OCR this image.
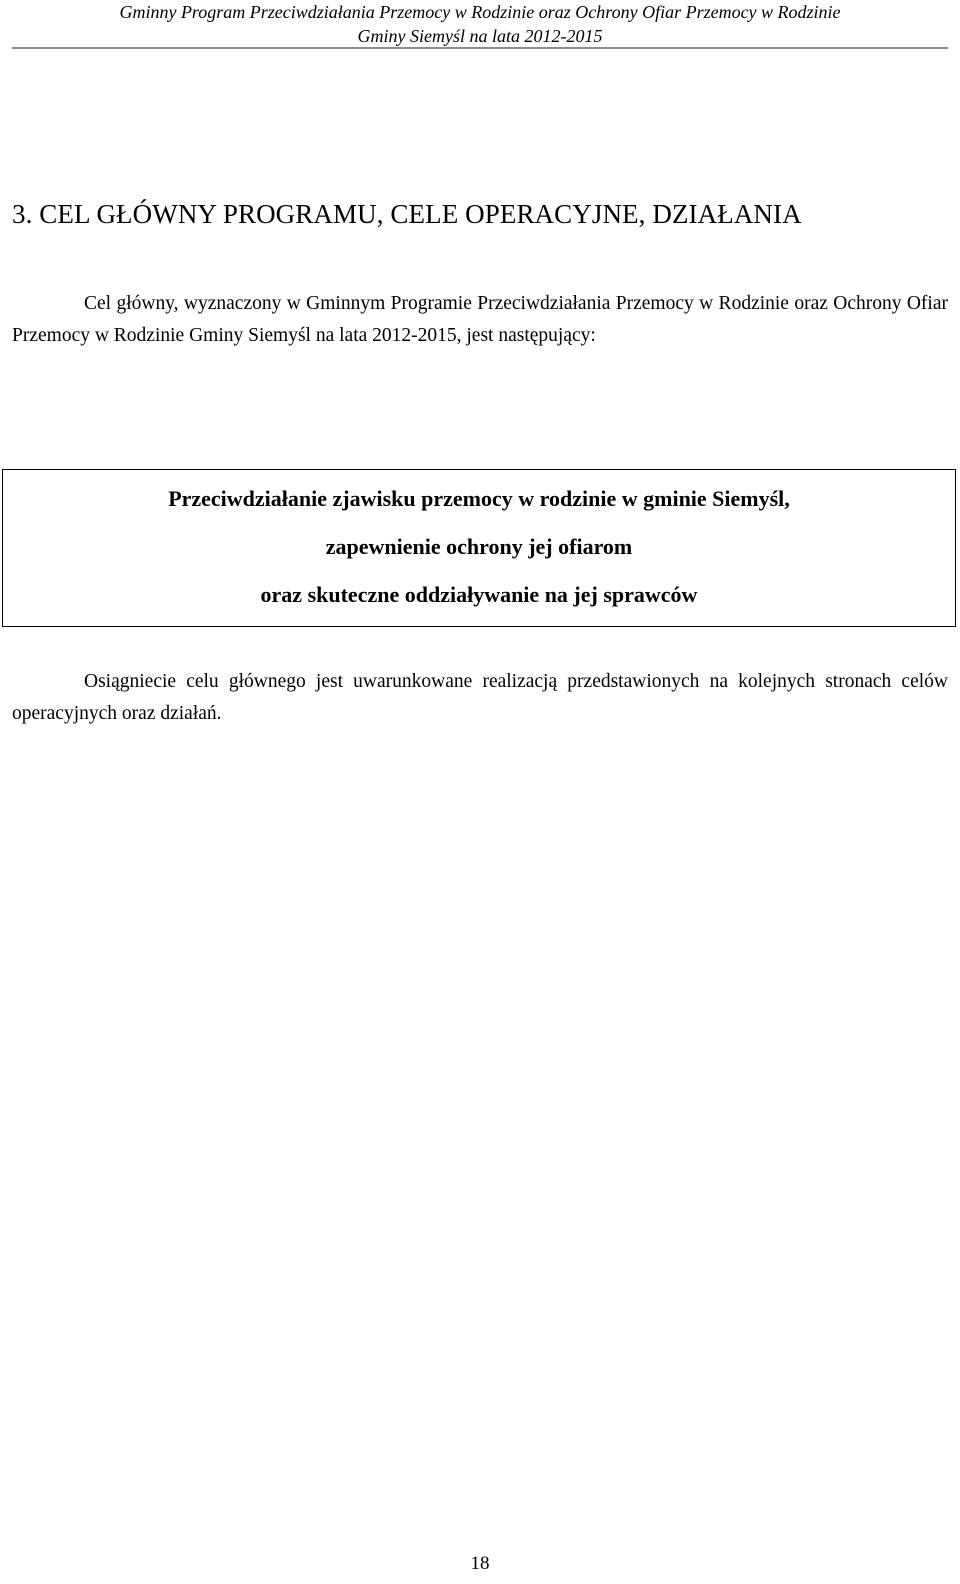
Gminny Program Przeciwdziałania Przemocy w Rodzinie oraz Ochrony Ofiar Przemocy w Rodzinie
Gminy Siemyśl na lata 2012-2015
3. CEL GŁÓWNY PROGRAMU, CELE OPERACYJNE, DZIAŁANIA

Cel główny, wyznaczony w Gminnym Programie Przeciwdziałania Przemocy w Rodzinie oraz Ochrony Ofiar Przemocy w Rodzinie Gminy Siemyśl na lata 2012-2015, jest następujący:

Przeciwdziałanie zjawisku przemocy w rodzinie w gminie Siemyśl,
zapewnienie ochrony jej ofiarom
oraz skuteczne oddziaływanie na jej sprawców

Osiągniecie celu głównego jest uwarunkowane realizacją przedstawionych na kolejnych stronach celów operacyjnych oraz działań.

18
